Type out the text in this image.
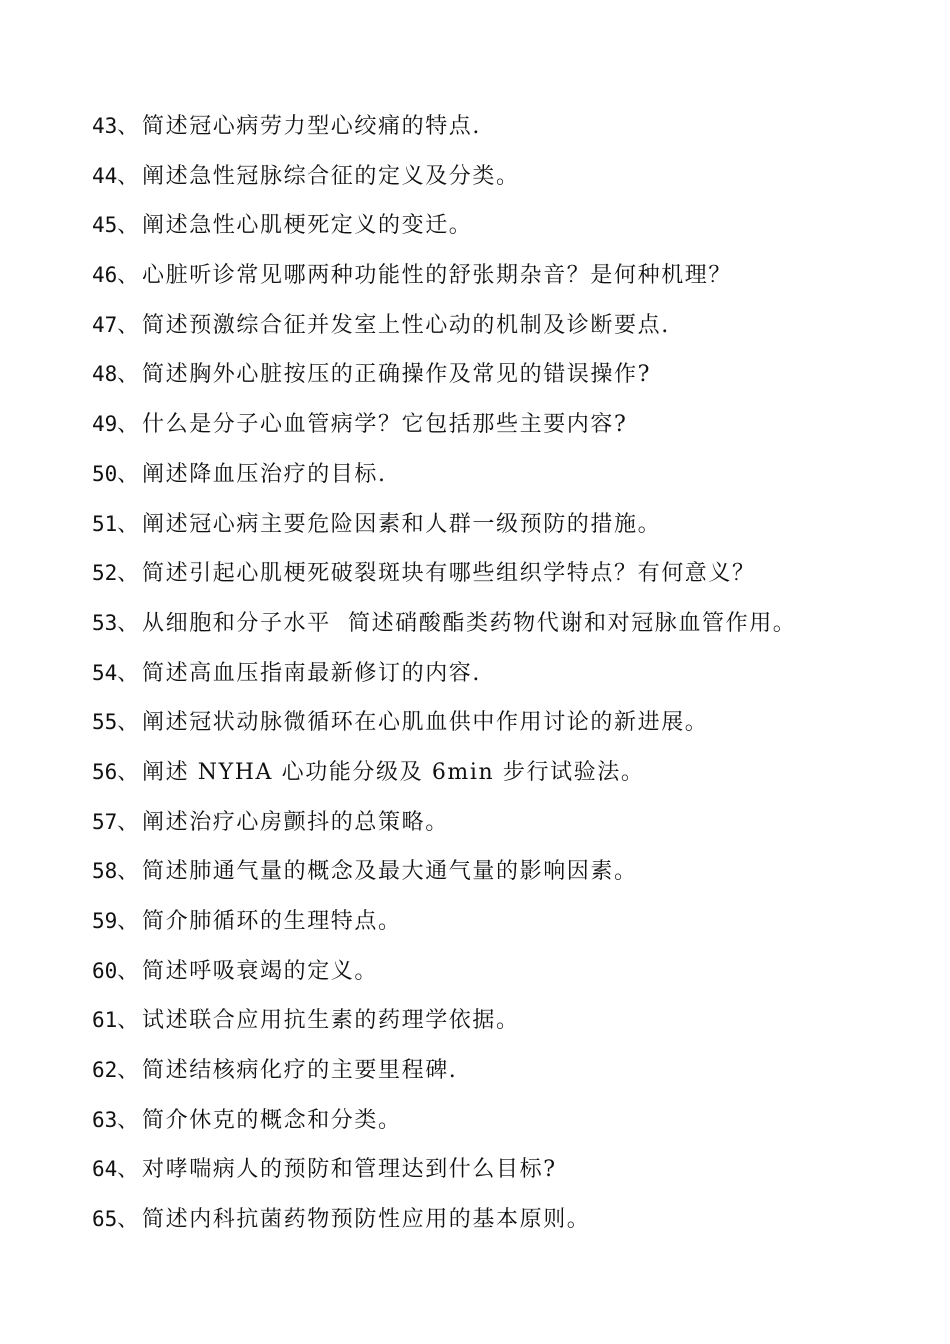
43、 简述冠心病劳力型心绞痛的特点.
44、 阐述急性冠脉综合征的定义及分类。
45、 阐述急性心肌梗死定义的变迁。
46、 心脏听诊常见哪两种功能性的舒张期杂音？是何种机理？
47、 简述预激综合征并发室上性心动的机制及诊断要点.
48、 简述胸外心脏按压的正确操作及常见的错误操作?
49、 什么是分子心血管病学？它包括那些主要内容?
50、 阐述降血压治疗的目标.
51、 阐述冠心病主要危险因素和人群一级预防的措施。
52、 简述引起心肌梗死破裂斑块有哪些组织学特点？有何意义？
53、 从细胞和分子水平  简述硝酸酯类药物代谢和对冠脉血管作用。
54、 简述高血压指南最新修订的内容.
55、 阐述冠状动脉微循环在心肌血供中作用讨论的新进展。
56、 阐述 NYHA 心功能分级及 6min 步行试验法。
57、 阐述治疗心房颤抖的总策略。
58、 简述肺通气量的概念及最大通气量的影响因素。
59、 简介肺循环的生理特点。
60、 简述呼吸衰竭的定义。
61、 试述联合应用抗生素的药理学依据。
62、 简述结核病化疗的主要里程碑.
63、 简介休克的概念和分类。
64、 对哮喘病人的预防和管理达到什么目标?
65、 简述内科抗菌药物预防性应用的基本原则。
